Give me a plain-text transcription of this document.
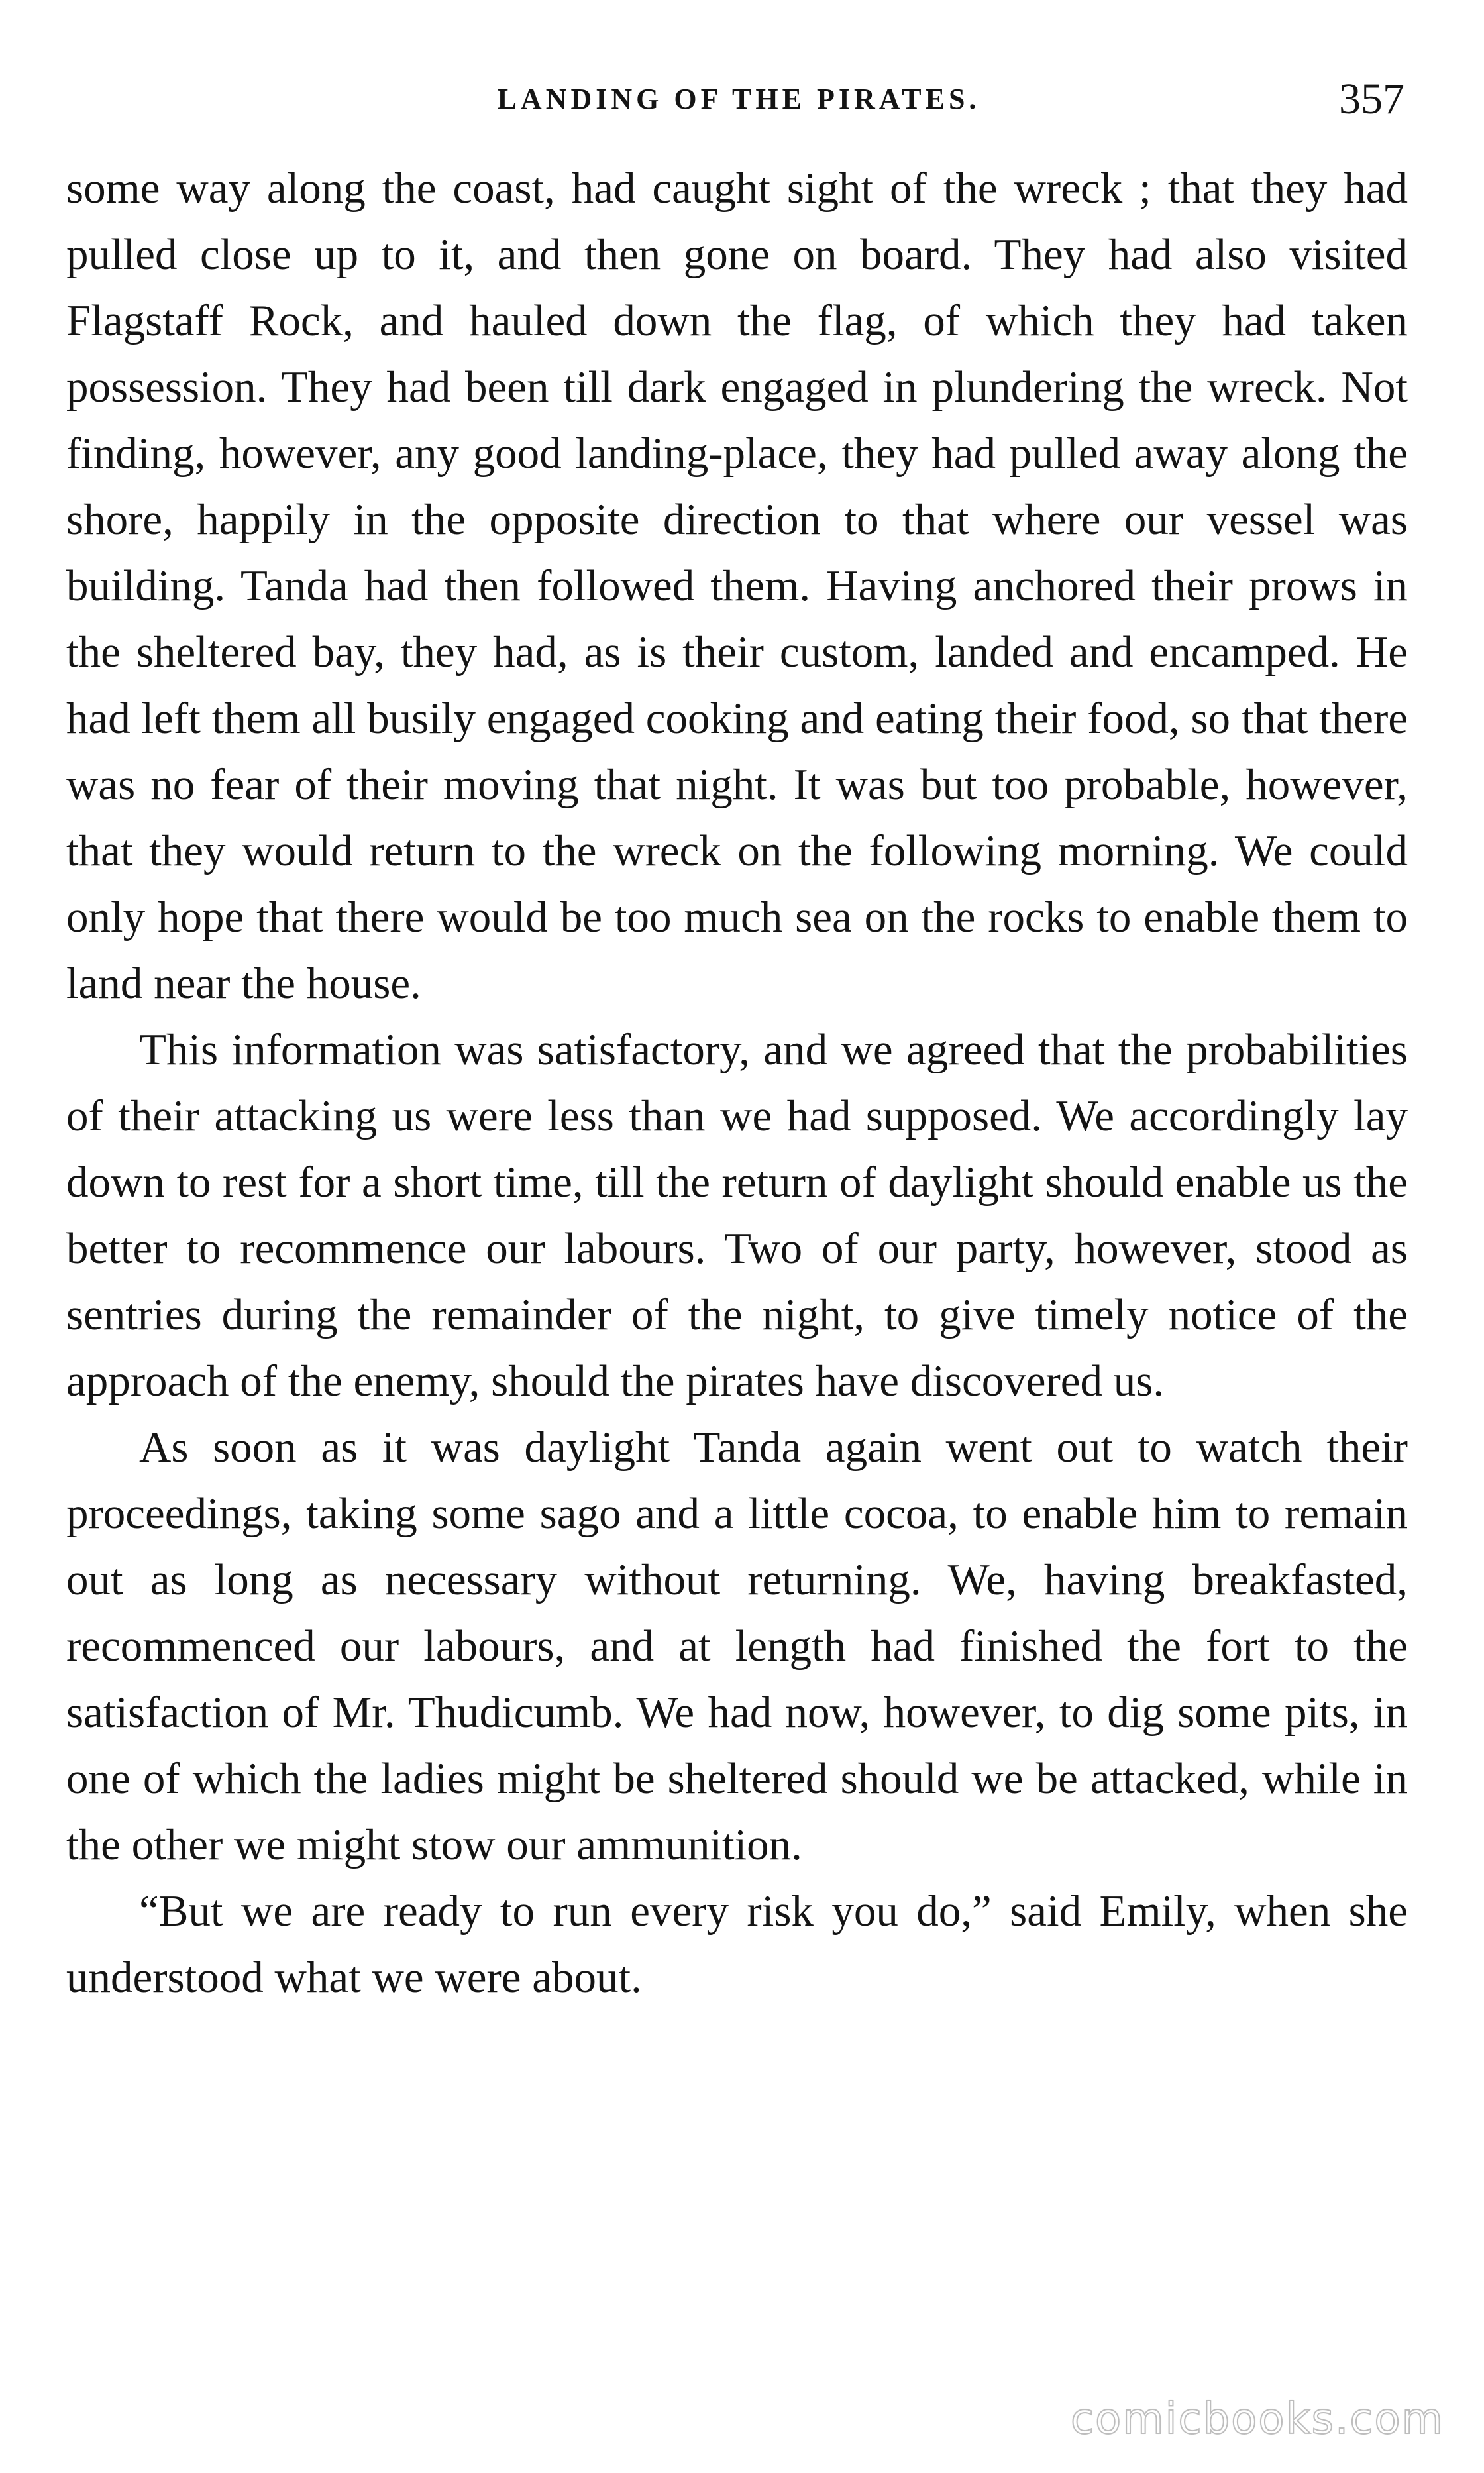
LANDING OF THE PIRATES.	357

some way along the coast, had caught sight of the wreck ; that they had pulled close up to it, and then gone on board. They had also visited Flagstaff Rock, and hauled down the flag, of which they had taken possession. They had been till dark engaged in plundering the wreck. Not finding, however, any good landing-place, they had pulled away along the shore, happily in the opposite direction to that where our vessel was building. Tanda had then followed them. Having anchored their prows in the sheltered bay, they had, as is their custom, landed and encamped. He had left them all busily engaged cooking and eating their food, so that there was no fear of their moving that night. It was but too probable, however, that they would return to the wreck on the following morning. We could only hope that there would be too much sea on the rocks to enable them to land near the house.

This information was satisfactory, and we agreed that the probabilities of their attacking us were less than we had supposed. We accordingly lay down to rest for a short time, till the return of daylight should enable us the better to recommence our labours. Two of our party, however, stood as sentries during the remainder of the night, to give timely notice of the approach of the enemy, should the pirates have discovered us.

As soon as it was daylight Tanda again went out to watch their proceedings, taking some sago and a little cocoa, to enable him to remain out as long as necessary without returning. We, having breakfasted, recommenced our labours, and at length had finished the fort to the satisfaction of Mr. Thudicumb. We had now, however, to dig some pits, in one of which the ladies might be sheltered should we be attacked, while in the other we might stow our ammunition.

“But we are ready to run every risk you do,” said Emily, when she understood what we were about.

comicbooks.com
